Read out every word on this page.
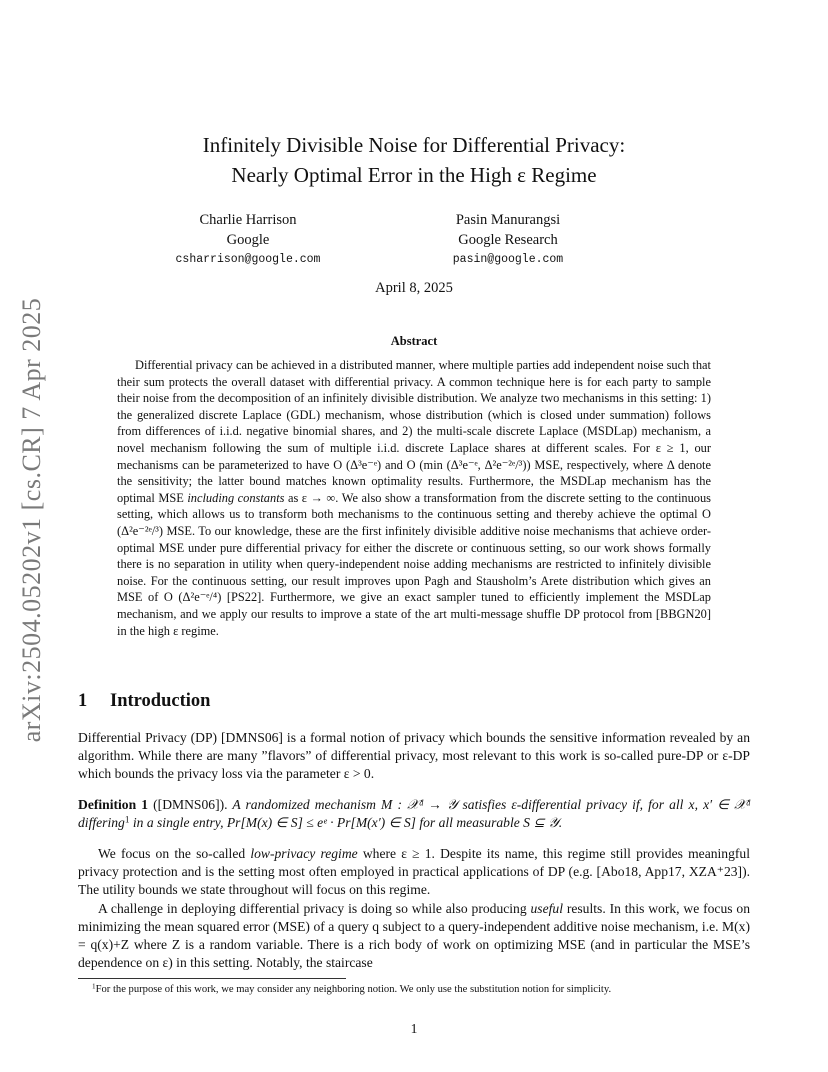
arXiv:2504.05202v1 [cs.CR] 7 Apr 2025
Infinitely Divisible Noise for Differential Privacy:
Nearly Optimal Error in the High ε Regime
Charlie Harrison
Google
csharrison@google.com
Pasin Manurangsi
Google Research
pasin@google.com
April 8, 2025
Abstract
Differential privacy can be achieved in a distributed manner, where multiple parties add independent noise such that their sum protects the overall dataset with differential privacy. A common technique here is for each party to sample their noise from the decomposition of an infinitely divisible distribution. We analyze two mechanisms in this setting: 1) the generalized discrete Laplace (GDL) mechanism, whose distribution (which is closed under summation) follows from differences of i.i.d. negative binomial shares, and 2) the multi-scale discrete Laplace (MSDLap) mechanism, a novel mechanism following the sum of multiple i.i.d. discrete Laplace shares at different scales. For ε ≥ 1, our mechanisms can be parameterized to have O (Δ³e⁻ᵉ) and O (min (Δ³e⁻ᵉ, Δ²e⁻²ᵉ/³)) MSE, respectively, where Δ denote the sensitivity; the latter bound matches known optimality results. Furthermore, the MSDLap mechanism has the optimal MSE including constants as ε → ∞. We also show a transformation from the discrete setting to the continuous setting, which allows us to transform both mechanisms to the continuous setting and thereby achieve the optimal O (Δ²e⁻²ᵉ/³) MSE. To our knowledge, these are the first infinitely divisible additive noise mechanisms that achieve order-optimal MSE under pure differential privacy for either the discrete or continuous setting, so our work shows formally there is no separation in utility when query-independent noise adding mechanisms are restricted to infinitely divisible noise. For the continuous setting, our result improves upon Pagh and Stausholm’s Arete distribution which gives an MSE of O (Δ²e⁻ᵉ/⁴) [PS22]. Furthermore, we give an exact sampler tuned to efficiently implement the MSDLap mechanism, and we apply our results to improve a state of the art multi-message shuffle DP protocol from [BBGN20] in the high ε regime.
1 Introduction
Differential Privacy (DP) [DMNS06] is a formal notion of privacy which bounds the sensitive information revealed by an algorithm. While there are many ”flavors” of differential privacy, most relevant to this work is so-called pure-DP or ε-DP which bounds the privacy loss via the parameter ε > 0.
Definition 1 ([DMNS06]). A randomized mechanism M : 𝒳ᵈ → 𝒴 satisfies ε-differential privacy if, for all x, x′ ∈ 𝒳ᵈ differing$^1$ in a single entry, Pr[M(x) ∈ S] ≤ eᵉ · Pr[M(x′) ∈ S] for all measurable S ⊆ 𝒴.
We focus on the so-called low-privacy regime where ε ≥ 1. Despite its name, this regime still provides meaningful privacy protection and is the setting most often employed in practical applications of DP (e.g. [Abo18, App17, XZA⁺23]). The utility bounds we state throughout will focus on this regime.
A challenge in deploying differential privacy is doing so while also producing useful results. In this work, we focus on minimizing the mean squared error (MSE) of a query q subject to a query-independent additive noise mechanism, i.e. M(x) = q(x)+Z where Z is a random variable. There is a rich body of work on optimizing MSE (and in particular the MSE’s dependence on ε) in this setting. Notably, the staircase
$^1$For the purpose of this work, we may consider any neighboring notion. We only use the substitution notion for simplicity.
1
